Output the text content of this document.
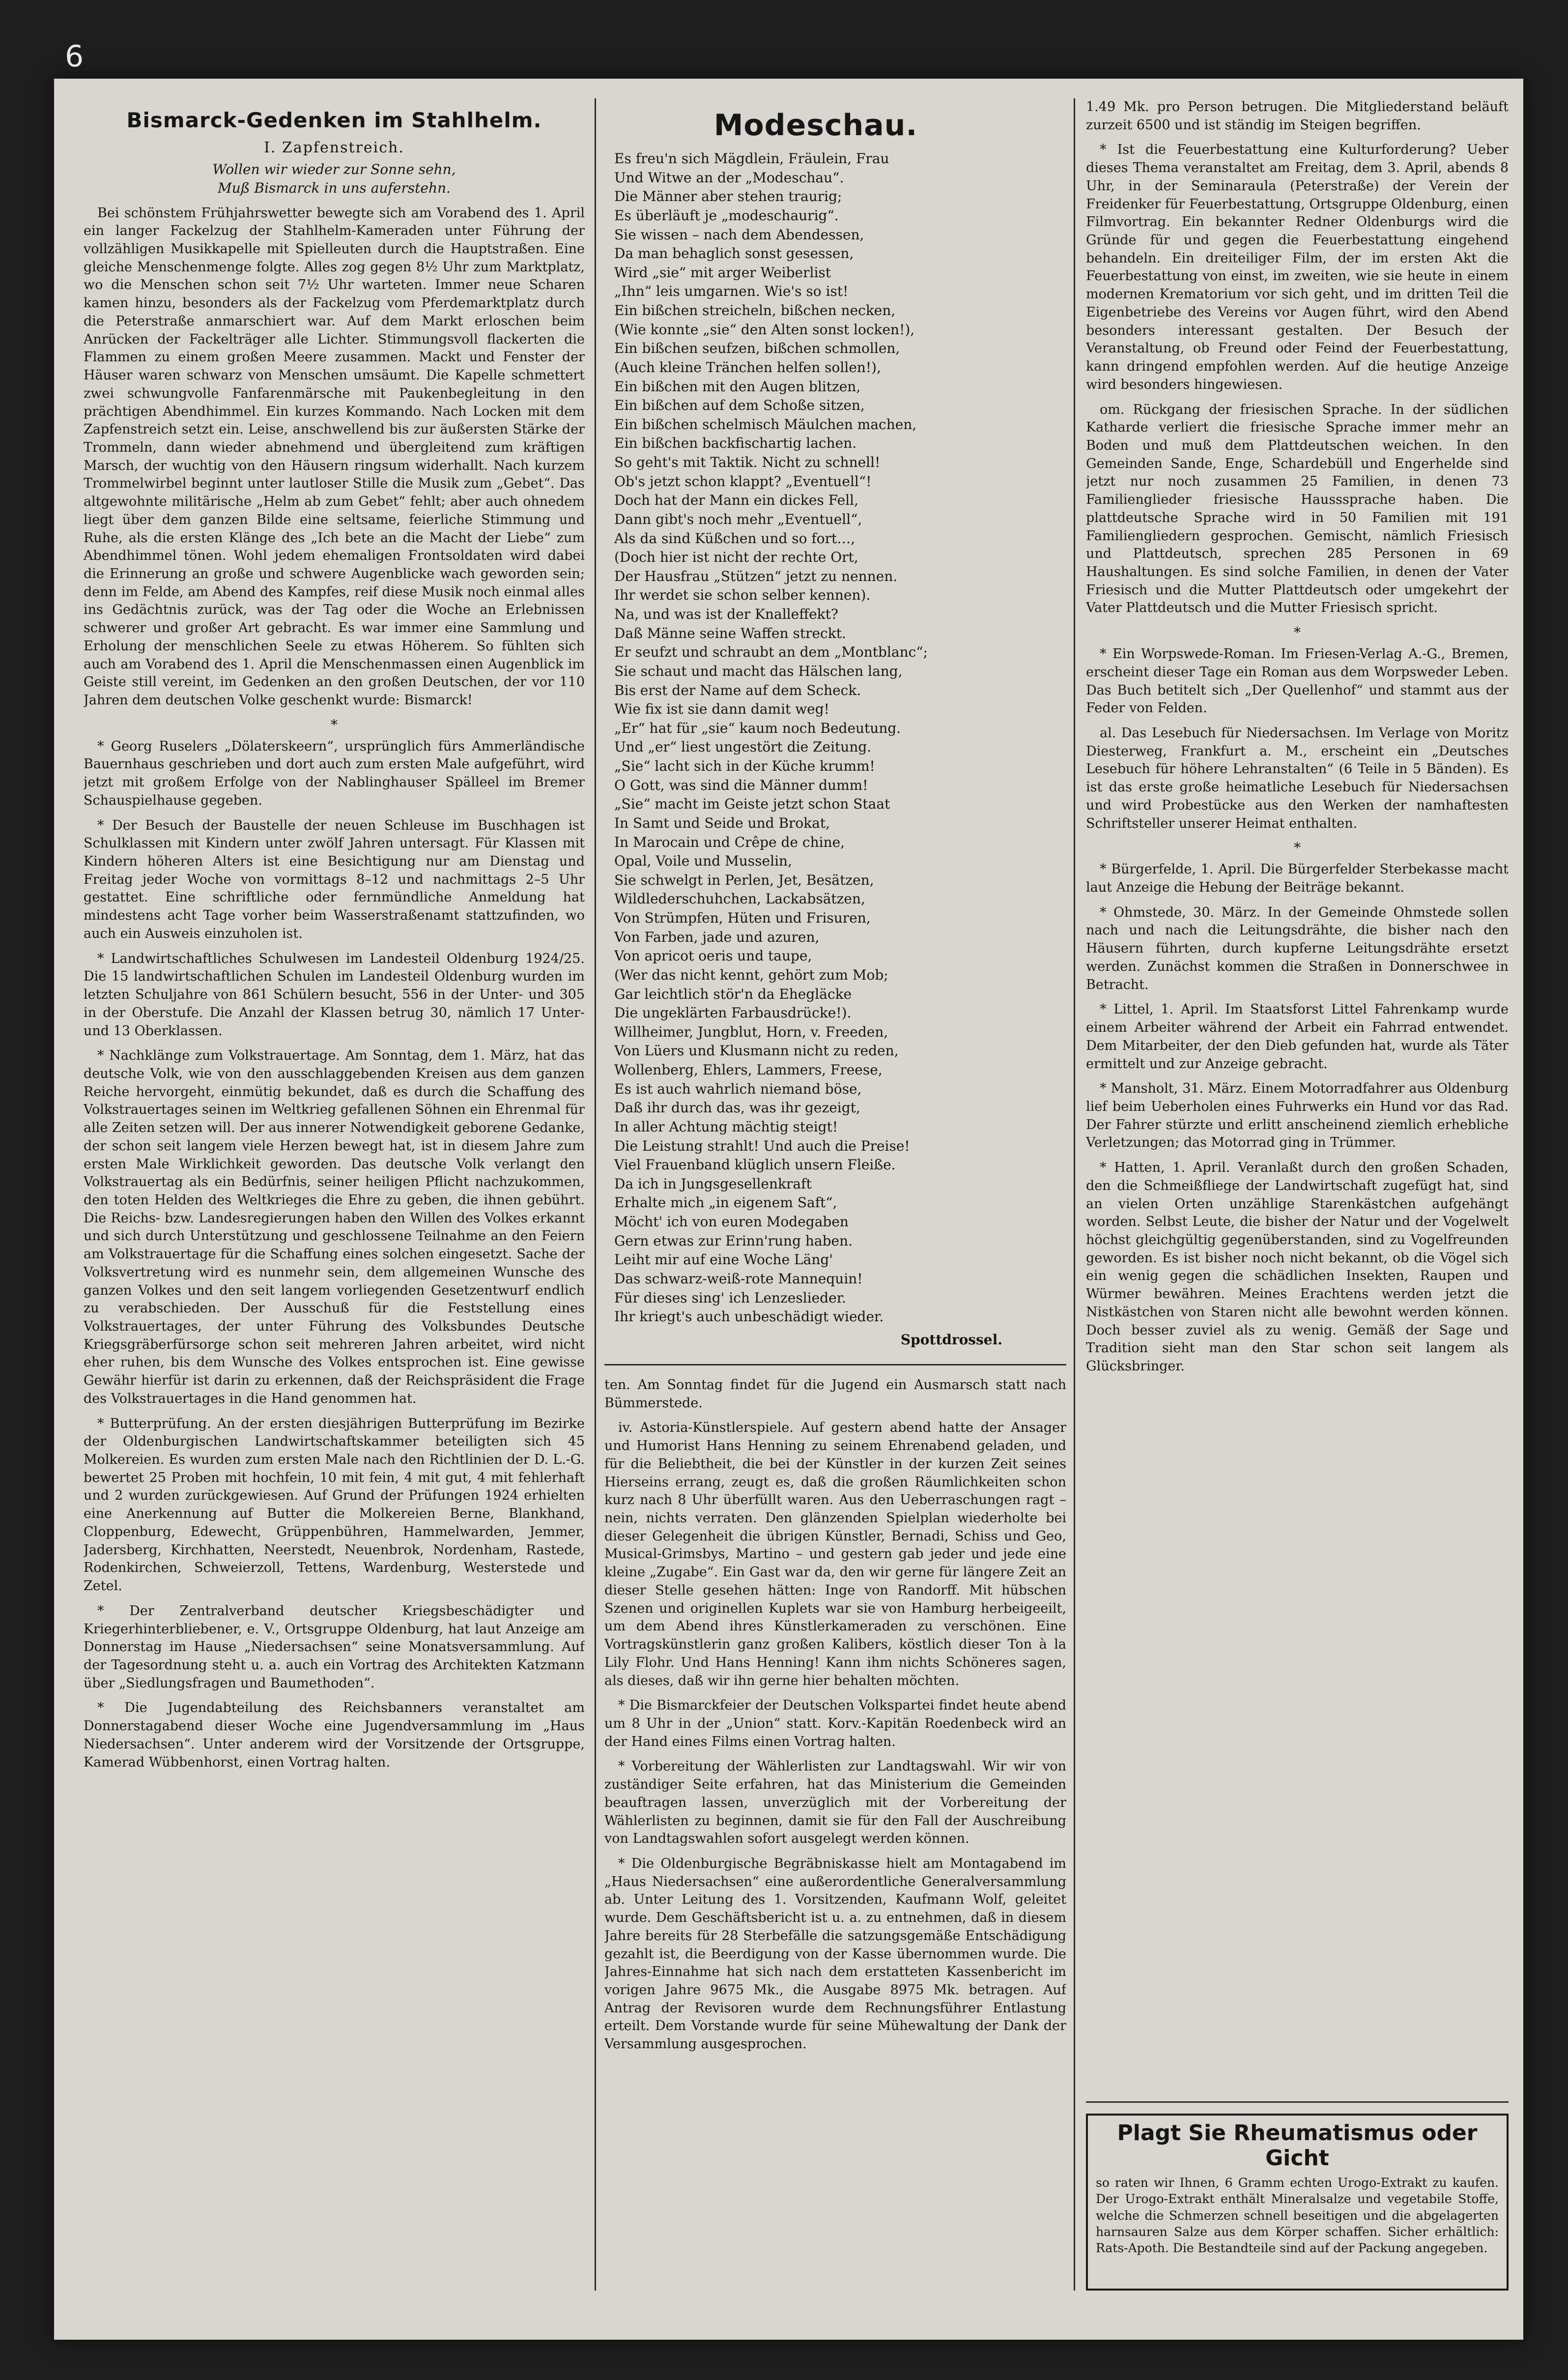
6
Bismarck-Gedenken im Stahlhelm.
I. Zapfenstreich.
Wollen wir wieder zur Sonne sehn,
Muß Bismarck in uns auferstehn.

Bei schönstem Frühjahrswetter bewegte sich am Vorabend des 1. April ein langer Fackelzug der Stahlhelm-Kameraden unter Führung der vollzähligen Musikkapelle mit Spielleuten durch die Hauptstraßen. Eine gleiche Menschenmenge folgte. Alles zog gegen 8½ Uhr zum Marktplatz, wo die Menschen schon seit 7½ Uhr warteten. Immer neue Scharen kamen hinzu, besonders als der Fackelzug vom Pferdemarktplatz durch die Peterstraße anmarschiert war. Auf dem Markt erloschen beim Anrücken der Fackelträger alle Lichter. Stimmungsvoll flackerten die Flammen zu einem großen Meere zusammen. Mackt und Fenster der Häuser waren schwarz von Menschen umsäumt. Die Kapelle schmettert zwei schwungvolle Fanfarenmärsche mit Paukenbegleitung in den prächtigen Abendhimmel. Ein kurzes Kommando. Nach Locken mit dem Zapfenstreich setzt ein. Leise, anschwellend bis zur äußersten Stärke der Trommeln, dann wieder abnehmend und übergleitend zum kräftigen Marsch, der wuchtig von den Häusern ringsum widerhallt. Nach kurzem Trommelwirbel beginnt unter lautloser Stille die Musik zum „Gebet“. Das altgewohnte militärische „Helm ab zum Gebet“ fehlt; aber auch ohnedem liegt über dem ganzen Bilde eine seltsame, feierliche Stimmung und Ruhe, als die ersten Klänge des „Ich bete an die Macht der Liebe“ zum Abendhimmel tönen. Wohl jedem ehemaligen Frontsoldaten wird dabei die Erinnerung an große und schwere Augenblicke wach geworden sein; denn im Felde, am Abend des Kampfes, reif diese Musik noch einmal alles ins Gedächtnis zurück, was der Tag oder die Woche an Erlebnissen schwerer und großer Art gebracht. Es war immer eine Sammlung und Erholung der menschlichen Seele zu etwas Höherem. So fühlten sich auch am Vorabend des 1. April die Menschenmassen einen Augenblick im Geiste still vereint, im Gedenken an den großen Deutschen, der vor 110 Jahren dem deutschen Volke geschenkt wurde: Bismarck!

*

* Georg Ruselers „Dölaterskeern“, ursprünglich fürs Ammerländische Bauernhaus geschrieben und dort auch zum ersten Male aufgeführt, wird jetzt mit großem Erfolge von der Nablinghauser Spälleel im Bremer Schauspielhause gegeben.

* Der Besuch der Baustelle der neuen Schleuse im Buschhagen ist Schulklassen mit Kindern unter zwölf Jahren untersagt. Für Klassen mit Kindern höheren Alters ist eine Besichtigung nur am Dienstag und Freitag jeder Woche von vormittags 8–12 und nachmittags 2–5 Uhr gestattet. Eine schriftliche oder fernmündliche Anmeldung hat mindestens acht Tage vorher beim Wasserstraßenamt stattzufinden, wo auch ein Ausweis einzuholen ist.

* Landwirtschaftliches Schulwesen im Landesteil Oldenburg 1924/25. Die 15 landwirtschaftlichen Schulen im Landesteil Oldenburg wurden im letzten Schuljahre von 861 Schülern besucht, 556 in der Unter- und 305 in der Oberstufe. Die Anzahl der Klassen betrug 30, nämlich 17 Unter- und 13 Oberklassen.

* Nachklänge zum Volkstrauertage. Am Sonntag, dem 1. März, hat das deutsche Volk, wie von den ausschlaggebenden Kreisen aus dem ganzen Reiche hervorgeht, einmütig bekundet, daß es durch die Schaffung des Volkstrauertages seinen im Weltkrieg gefallenen Söhnen ein Ehrenmal für alle Zeiten setzen will. Der aus innerer Notwendigkeit geborene Gedanke, der schon seit langem viele Herzen bewegt hat, ist in diesem Jahre zum ersten Male Wirklichkeit geworden. Das deutsche Volk verlangt den Volkstrauertag als ein Bedürfnis, seiner heiligen Pflicht nachzukommen, den toten Helden des Weltkrieges die Ehre zu geben, die ihnen gebührt. Die Reichs- bzw. Landesregierungen haben den Willen des Volkes erkannt und sich durch Unterstützung und geschlossene Teilnahme an den Feiern am Volkstrauertage für die Schaffung eines solchen eingesetzt. Sache der Volksvertretung wird es nunmehr sein, dem allgemeinen Wunsche des ganzen Volkes und den seit langem vorliegenden Gesetzentwurf endlich zu verabschieden. Der Ausschuß für die Feststellung eines Volkstrauertages, der unter Führung des Volksbundes Deutsche Kriegsgräberfürsorge schon seit mehreren Jahren arbeitet, wird nicht eher ruhen, bis dem Wunsche des Volkes entsprochen ist. Eine gewisse Gewähr hierfür ist darin zu erkennen, daß der Reichspräsident die Frage des Volkstrauertages in die Hand genommen hat.

* Butterprüfung. An der ersten diesjährigen Butterprüfung im Bezirke der Oldenburgischen Landwirtschaftskammer beteiligten sich 45 Molkereien. Es wurden zum ersten Male nach den Richtlinien der D. L.-G. bewertet 25 Proben mit hochfein, 10 mit fein, 4 mit gut, 4 mit fehlerhaft und 2 wurden zurückgewiesen. Auf Grund der Prüfungen 1924 erhielten eine Anerkennung auf Butter die Molkereien Berne, Blankhand, Cloppenburg, Edewecht, Grüppenbühren, Hammelwarden, Jemmer, Jadersberg, Kirchhatten, Neerstedt, Neuenbrok, Nordenham, Rastede, Rodenkirchen, Schweierzoll, Tettens, Wardenburg, Westerstede und Zetel.

* Der Zentralverband deutscher Kriegsbeschädigter und Kriegerhinterbliebener, e. V., Ortsgruppe Oldenburg, hat laut Anzeige am Donnerstag im Hause „Niedersachsen“ seine Monatsversammlung. Auf der Tagesordnung steht u. a. auch ein Vortrag des Architekten Katzmann über „Siedlungsfragen und Baumethoden“.

* Die Jugendabteilung des Reichsbanners veranstaltet am Donnerstagabend dieser Woche eine Jugendversammlung im „Haus Niedersachsen“. Unter anderem wird der Vorsitzende der Ortsgruppe, Kamerad Wübbenhorst, einen Vortrag halten.

Modeschau.
Es freu'n sich Mägdlein, Fräulein, Frau
Und Witwe an der „Modeschau“.
Die Männer aber stehen traurig;
Es überläuft je „modeschaurig“.
Sie wissen – nach dem Abendessen,
Da man behaglich sonst gesessen,
Wird „sie“ mit arger Weiberlist
„Ihn“ leis umgarnen. Wie's so ist!
Ein bißchen streicheln, bißchen necken,
(Wie konnte „sie“ den Alten sonst locken!),
Ein bißchen seufzen, bißchen schmollen,
(Auch kleine Tränchen helfen sollen!),
Ein bißchen mit den Augen blitzen,
Ein bißchen auf dem Schoße sitzen,
Ein bißchen schelmisch Mäulchen machen,
Ein bißchen backfischartig lachen.
So geht's mit Taktik. Nicht zu schnell!
Ob's jetzt schon klappt? „Eventuell“!
Doch hat der Mann ein dickes Fell,
Dann gibt's noch mehr „Eventuell“,
Als da sind Küßchen und so fort…,
(Doch hier ist nicht der rechte Ort,
Der Hausfrau „Stützen“ jetzt zu nennen.
Ihr werdet sie schon selber kennen).
Na, und was ist der Knalleffekt?
Daß Männe seine Waffen streckt.
Er seufzt und schraubt an dem „Montblanc“;
Sie schaut und macht das Hälschen lang,
Bis erst der Name auf dem Scheck.
Wie fix ist sie dann damit weg!
„Er“ hat für „sie“ kaum noch Bedeutung.
Und „er“ liest ungestört die Zeitung.
„Sie“ lacht sich in der Küche krumm!
O Gott, was sind die Männer dumm!
„Sie“ macht im Geiste jetzt schon Staat
In Samt und Seide und Brokat,
In Marocain und Crêpe de chine,
Opal, Voile und Musselin,
Sie schwelgt in Perlen, Jet, Besätzen,
Wildlederschuhchen, Lackabsätzen,
Von Strümpfen, Hüten und Frisuren,
Von Farben, jade und azuren,
Von apricot oeris und taupe,
(Wer das nicht kennt, gehört zum Mob;
Gar leichtlich stör'n da Ehegläcke
Die ungeklärten Farbausdrücke!).
Willheimer, Jungblut, Horn, v. Freeden,
Von Lüers und Klusmann nicht zu reden,
Wollenberg, Ehlers, Lammers, Freese,
Es ist auch wahrlich niemand böse,
Daß ihr durch das, was ihr gezeigt,
In aller Achtung mächtig steigt!
Die Leistung strahlt! Und auch die Preise!
Viel Frauenband klüglich unsern Fleiße.
Da ich in Jungsgesellenkraft
Erhalte mich „in eigenem Saft“,
Möcht' ich von euren Modegaben
Gern etwas zur Erinn'rung haben.
Leiht mir auf eine Woche Läng'
Das schwarz-weiß-rote Mannequin!
Für dieses sing' ich Lenzeslieder.
Ihr kriegt's auch unbeschädigt wieder.
Spottdrossel.

ten. Am Sonntag findet für die Jugend ein Ausmarsch statt nach Bümmerstede.

iv. Astoria-Künstlerspiele. Auf gestern abend hatte der Ansager und Humorist Hans Henning zu seinem Ehrenabend geladen, und für die Beliebtheit, die bei der Künstler in der kurzen Zeit seines Hierseins errang, zeugt es, daß die großen Räumlichkeiten schon kurz nach 8 Uhr überfüllt waren. Aus den Ueberraschungen ragt – nein, nichts verraten. Den glänzenden Spielplan wiederholte bei dieser Gelegenheit die übrigen Künstler, Bernadi, Schiss und Geo, Musical-Grimsbys, Martino – und gestern gab jeder und jede eine kleine „Zugabe“. Ein Gast war da, den wir gerne für längere Zeit an dieser Stelle gesehen hätten: Inge von Randorff. Mit hübschen Szenen und originellen Kuplets war sie von Hamburg herbeigeeilt, um dem Abend ihres Künstlerkameraden zu verschönen. Eine Vortragskünstlerin ganz großen Kalibers, köstlich dieser Ton à la Lily Flohr. Und Hans Henning! Kann ihm nichts Schöneres sagen, als dieses, daß wir ihn gerne hier behalten möchten.

* Die Bismarckfeier der Deutschen Volkspartei findet heute abend um 8 Uhr in der „Union“ statt. Korv.-Kapitän Roedenbeck wird an der Hand eines Films einen Vortrag halten.

* Vorbereitung der Wählerlisten zur Landtagswahl. Wir wir von zuständiger Seite erfahren, hat das Ministerium die Gemeinden beauftragen lassen, unverzüglich mit der Vorbereitung der Wählerlisten zu beginnen, damit sie für den Fall der Auschreibung von Landtagswahlen sofort ausgelegt werden können.

* Die Oldenburgische Begräbniskasse hielt am Montagabend im „Haus Niedersachsen“ eine außerordentliche Generalversammlung ab. Unter Leitung des 1. Vorsitzenden, Kaufmann Wolf, geleitet wurde. Dem Geschäftsbericht ist u. a. zu entnehmen, daß in diesem Jahre bereits für 28 Sterbefälle die satzungsgemäße Entschädigung gezahlt ist, die Beerdigung von der Kasse übernommen wurde. Die Jahres-Einnahme hat sich nach dem erstatteten Kassenbericht im vorigen Jahre 9675 Mk., die Ausgabe 8975 Mk. betragen. Auf Antrag der Revisoren wurde dem Rechnungsführer Entlastung erteilt. Dem Vorstande wurde für seine Mühewaltung der Dank der Versammlung ausgesprochen.

1.49 Mk. pro Person betrugen. Die Mitgliederstand beläuft zurzeit 6500 und ist ständig im Steigen begriffen.

* Ist die Feuerbestattung eine Kulturforderung? Ueber dieses Thema veranstaltet am Freitag, dem 3. April, abends 8 Uhr, in der Seminaraula (Peterstraße) der Verein der Freidenker für Feuerbestattung, Ortsgruppe Oldenburg, einen Filmvortrag. Ein bekannter Redner Oldenburgs wird die Gründe für und gegen die Feuerbestattung eingehend behandeln. Ein dreiteiliger Film, der im ersten Akt die Feuerbestattung von einst, im zweiten, wie sie heute in einem modernen Krematorium vor sich geht, und im dritten Teil die Eigenbetriebe des Vereins vor Augen führt, wird den Abend besonders interessant gestalten. Der Besuch der Veranstaltung, ob Freund oder Feind der Feuerbestattung, kann dringend empfohlen werden. Auf die heutige Anzeige wird besonders hingewiesen.

om. Rückgang der friesischen Sprache. In der südlichen Katharde verliert die friesische Sprache immer mehr an Boden und muß dem Plattdeutschen weichen. In den Gemeinden Sande, Enge, Schardebüll und Engerhelde sind jetzt nur noch zusammen 25 Familien, in denen 73 Familienglieder friesische Hausssprache haben. Die plattdeutsche Sprache wird in 50 Familien mit 191 Familiengliedern gesprochen. Gemischt, nämlich Friesisch und Plattdeutsch, sprechen 285 Personen in 69 Haushaltungen. Es sind solche Familien, in denen der Vater Friesisch und die Mutter Plattdeutsch oder umgekehrt der Vater Plattdeutsch und die Mutter Friesisch spricht.

*

* Ein Worpswede-Roman. Im Friesen-Verlag A.-G., Bremen, erscheint dieser Tage ein Roman aus dem Worpsweder Leben. Das Buch betitelt sich „Der Quellenhof“ und stammt aus der Feder von Felden.

al. Das Lesebuch für Niedersachsen. Im Verlage von Moritz Diesterweg, Frankfurt a. M., erscheint ein „Deutsches Lesebuch für höhere Lehranstalten“ (6 Teile in 5 Bänden). Es ist das erste große heimatliche Lesebuch für Niedersachsen und wird Probestücke aus den Werken der namhaftesten Schriftsteller unserer Heimat enthalten.

*

* Bürgerfelde, 1. April. Die Bürgerfelder Sterbekasse macht laut Anzeige die Hebung der Beiträge bekannt.

* Ohmstede, 30. März. In der Gemeinde Ohmstede sollen nach und nach die Leitungsdrähte, die bisher nach den Häusern führten, durch kupferne Leitungsdrähte ersetzt werden. Zunächst kommen die Straßen in Donnerschwee in Betracht.

* Littel, 1. April. Im Staatsforst Littel Fahrenkamp wurde einem Arbeiter während der Arbeit ein Fahrrad entwendet. Dem Mitarbeiter, der den Dieb gefunden hat, wurde als Täter ermittelt und zur Anzeige gebracht.

* Mansholt, 31. März. Einem Motorradfahrer aus Oldenburg lief beim Ueberholen eines Fuhrwerks ein Hund vor das Rad. Der Fahrer stürzte und erlitt anscheinend ziemlich erhebliche Verletzungen; das Motorrad ging in Trümmer.

* Hatten, 1. April. Veranlaßt durch den großen Schaden, den die Schmeißfliege der Landwirtschaft zugefügt hat, sind an vielen Orten unzählige Starenkästchen aufgehängt worden. Selbst Leute, die bisher der Natur und der Vogelwelt höchst gleichgültig gegenüberstanden, sind zu Vogelfreunden geworden. Es ist bisher noch nicht bekannt, ob die Vögel sich ein wenig gegen die schädlichen Insekten, Raupen und Würmer bewähren. Meines Erachtens werden jetzt die Nistkästchen von Staren nicht alle bewohnt werden können. Doch besser zuviel als zu wenig. Gemäß der Sage und Tradition sieht man den Star schon seit langem als Glücksbringer.

Plagt Sie Rheumatismus oder Gicht

so raten wir Ihnen, 6 Gramm echten Urogo-Extrakt zu kaufen. Der Urogo-Extrakt enthält Mineralsalze und vegetabile Stoffe, welche die Schmerzen schnell beseitigen und die abgelagerten harnsauren Salze aus dem Körper schaffen. Sicher erhältlich: Rats-Apoth. Die Bestandteile sind auf der Packung angegeben.
